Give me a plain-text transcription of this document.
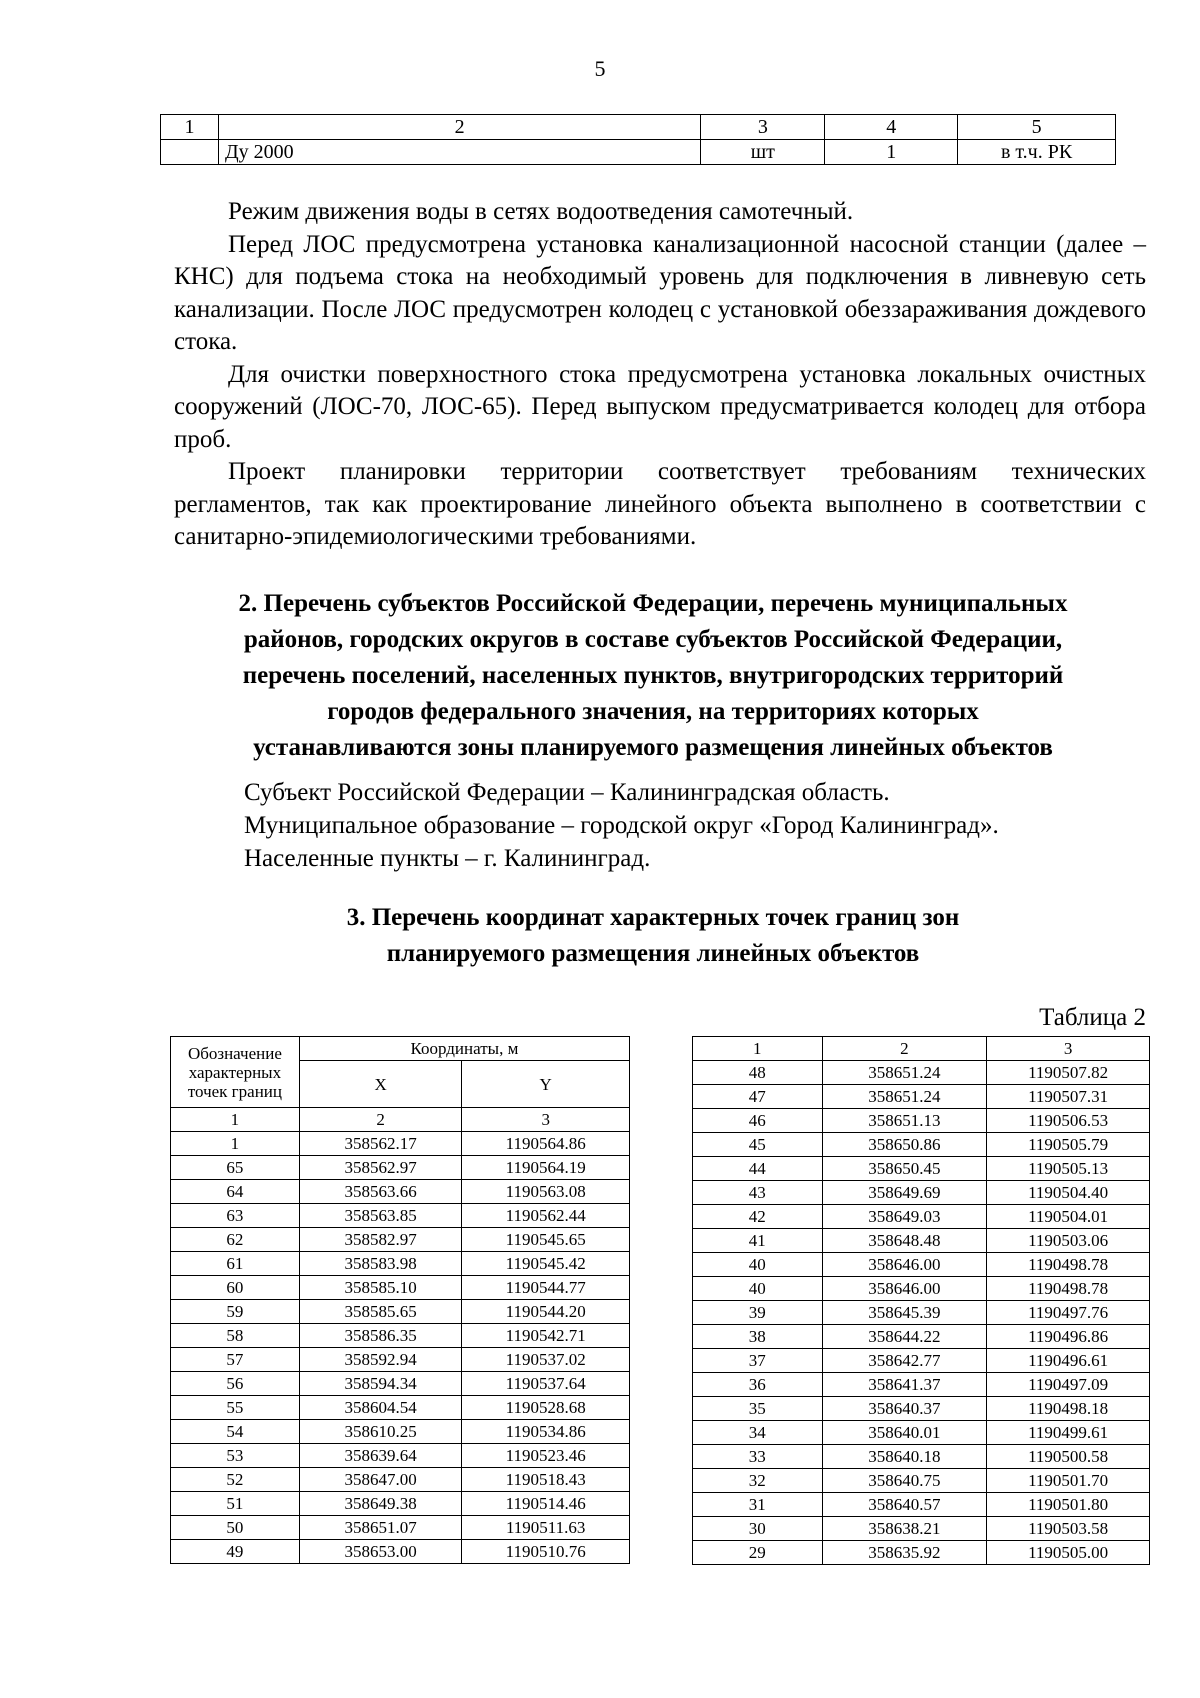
5
1	2	3	4	5
	Ду 2000	шт	1	в т.ч. РК

Режим движения воды в сетях водоотведения самотечный.

Перед ЛОС предусмотрена установка канализационной насосной станции (далее – КНС) для подъема стока на необходимый уровень для подключения в ливневую сеть канализации. После ЛОС предусмотрен колодец с установкой обеззараживания дождевого стока.

Для очистки поверхностного стока предусмотрена установка локальных очистных сооружений (ЛОС-70, ЛОС-65). Перед выпуском предусматривается колодец для отбора проб.

Проект планировки территории соответствует требованиям технических регламентов, так как проектирование линейного объекта выполнено в соответствии с санитарно-эпидемиологическими требованиями.

2. Перечень субъектов Российской Федерации, перечень муниципальных
районов, городских округов в составе субъектов Российской Федерации,
перечень поселений, населенных пунктов, внутригородских территорий
городов федерального значения, на территориях которых
устанавливаются зоны планируемого размещения линейных объектов
Субъект Российской Федерации – Калининградская область.
Муниципальное образование – городской округ «Город Калининград».
Населенные пункты – г. Калининград.
3. Перечень координат характерных точек границ зон
планируемого размещения линейных объектов
Таблица 2
Обозначение характерных точек границ	Координаты, м	
	X	Y
1	2	3
1	358562.17	1190564.86
65	358562.97	1190564.19
64	358563.66	1190563.08
63	358563.85	1190562.44
62	358582.97	1190545.65
61	358583.98	1190545.42
60	358585.10	1190544.77
59	358585.65	1190544.20
58	358586.35	1190542.71
57	358592.94	1190537.02
56	358594.34	1190537.64
55	358604.54	1190528.68
54	358610.25	1190534.86
53	358639.64	1190523.46
52	358647.00	1190518.43
51	358649.38	1190514.46
50	358651.07	1190511.63
49	358653.00	1190510.76
1	2	3
48	358651.24	1190507.82
47	358651.24	1190507.31
46	358651.13	1190506.53
45	358650.86	1190505.79
44	358650.45	1190505.13
43	358649.69	1190504.40
42	358649.03	1190504.01
41	358648.48	1190503.06
40	358646.00	1190498.78
40	358646.00	1190498.78
39	358645.39	1190497.76
38	358644.22	1190496.86
37	358642.77	1190496.61
36	358641.37	1190497.09
35	358640.37	1190498.18
34	358640.01	1190499.61
33	358640.18	1190500.58
32	358640.75	1190501.70
31	358640.57	1190501.80
30	358638.21	1190503.58
29	358635.92	1190505.00
